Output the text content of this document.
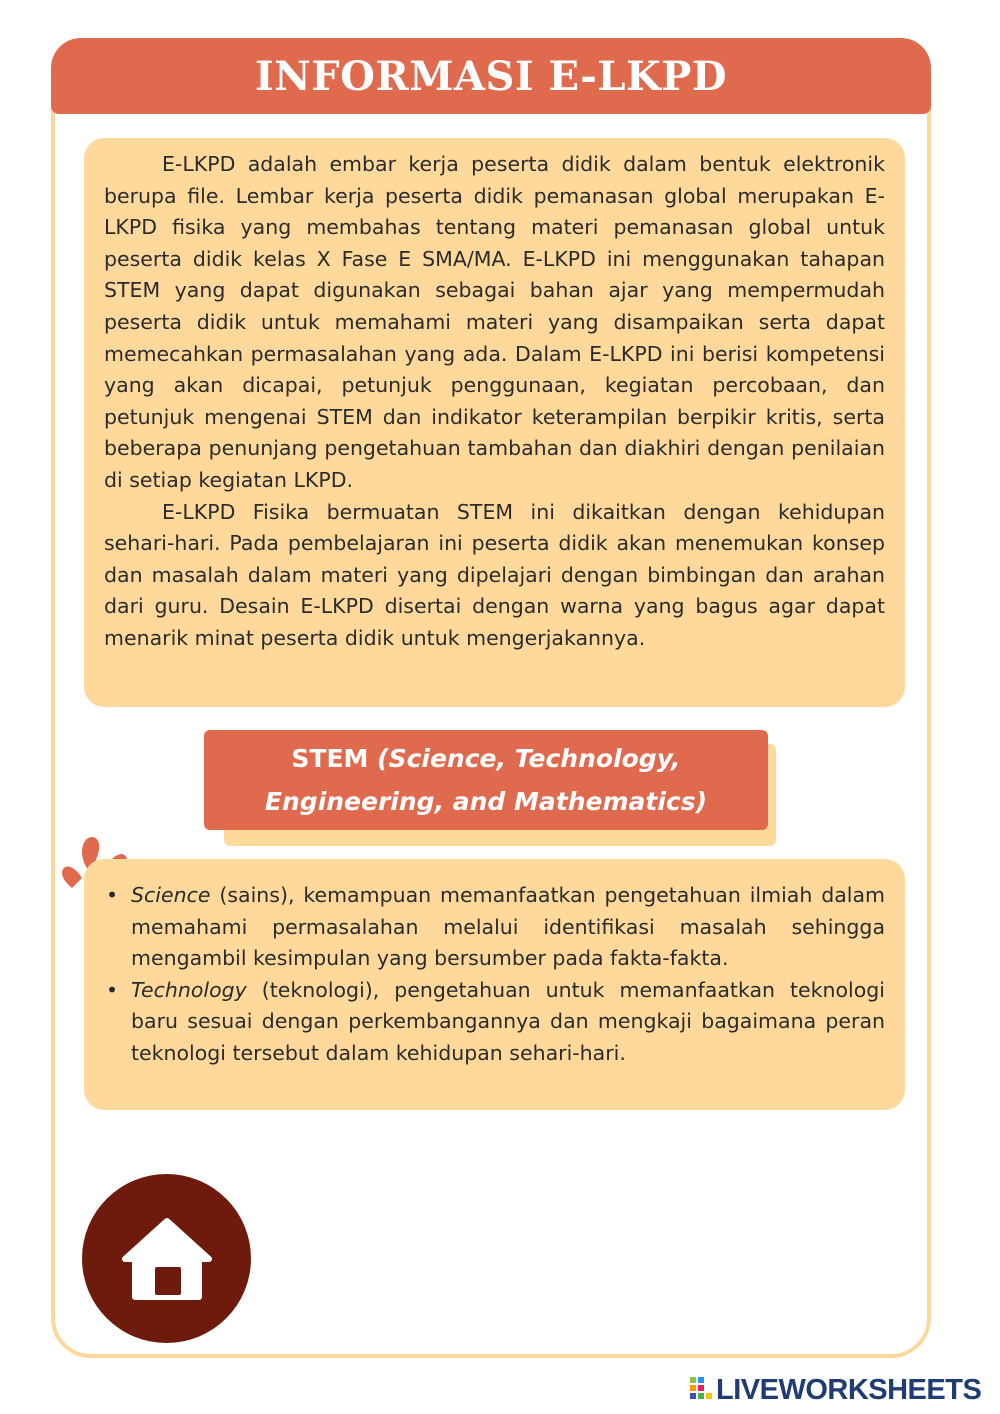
INFORMASI E-LKPD

E-LKPD adalah embar kerja peserta didik dalam bentuk elektronik berupa file. Lembar kerja peserta didik pemanasan global merupakan E-LKPD fisika yang membahas tentang materi pemanasan global untuk peserta didik kelas X Fase E SMA/MA. E-LKPD ini menggunakan tahapan STEM yang dapat digunakan sebagai bahan ajar yang mempermudah peserta didik untuk memahami materi yang disampaikan serta dapat memecahkan permasalahan yang ada. Dalam E-LKPD ini berisi kompetensi yang akan dicapai, petunjuk penggunaan, kegiatan percobaan, dan petunjuk mengenai STEM dan indikator keterampilan berpikir kritis, serta beberapa penunjang pengetahuan tambahan dan diakhiri dengan penilaian di setiap kegiatan LKPD.

E-LKPD Fisika bermuatan STEM ini dikaitkan dengan kehidupan sehari-hari. Pada pembelajaran ini peserta didik akan menemukan konsep dan masalah dalam materi yang dipelajari dengan bimbingan dan arahan dari guru. Desain E-LKPD disertai dengan warna yang bagus agar dapat menarik minat peserta didik untuk mengerjakannya.

STEM (Science, Technology,
Engineering, and Mathematics)
• Science (sains), kemampuan memanfaatkan pengetahuan ilmiah dalam memahami permasalahan melalui identifikasi masalah sehingga mengambil kesimpulan yang bersumber pada fakta-fakta.
• Technology (teknologi), pengetahuan untuk memanfaatkan teknologi baru sesuai dengan perkembangannya dan mengkaji bagaimana peran teknologi tersebut dalam kehidupan sehari-hari.
LIVEWORKSHEETS
